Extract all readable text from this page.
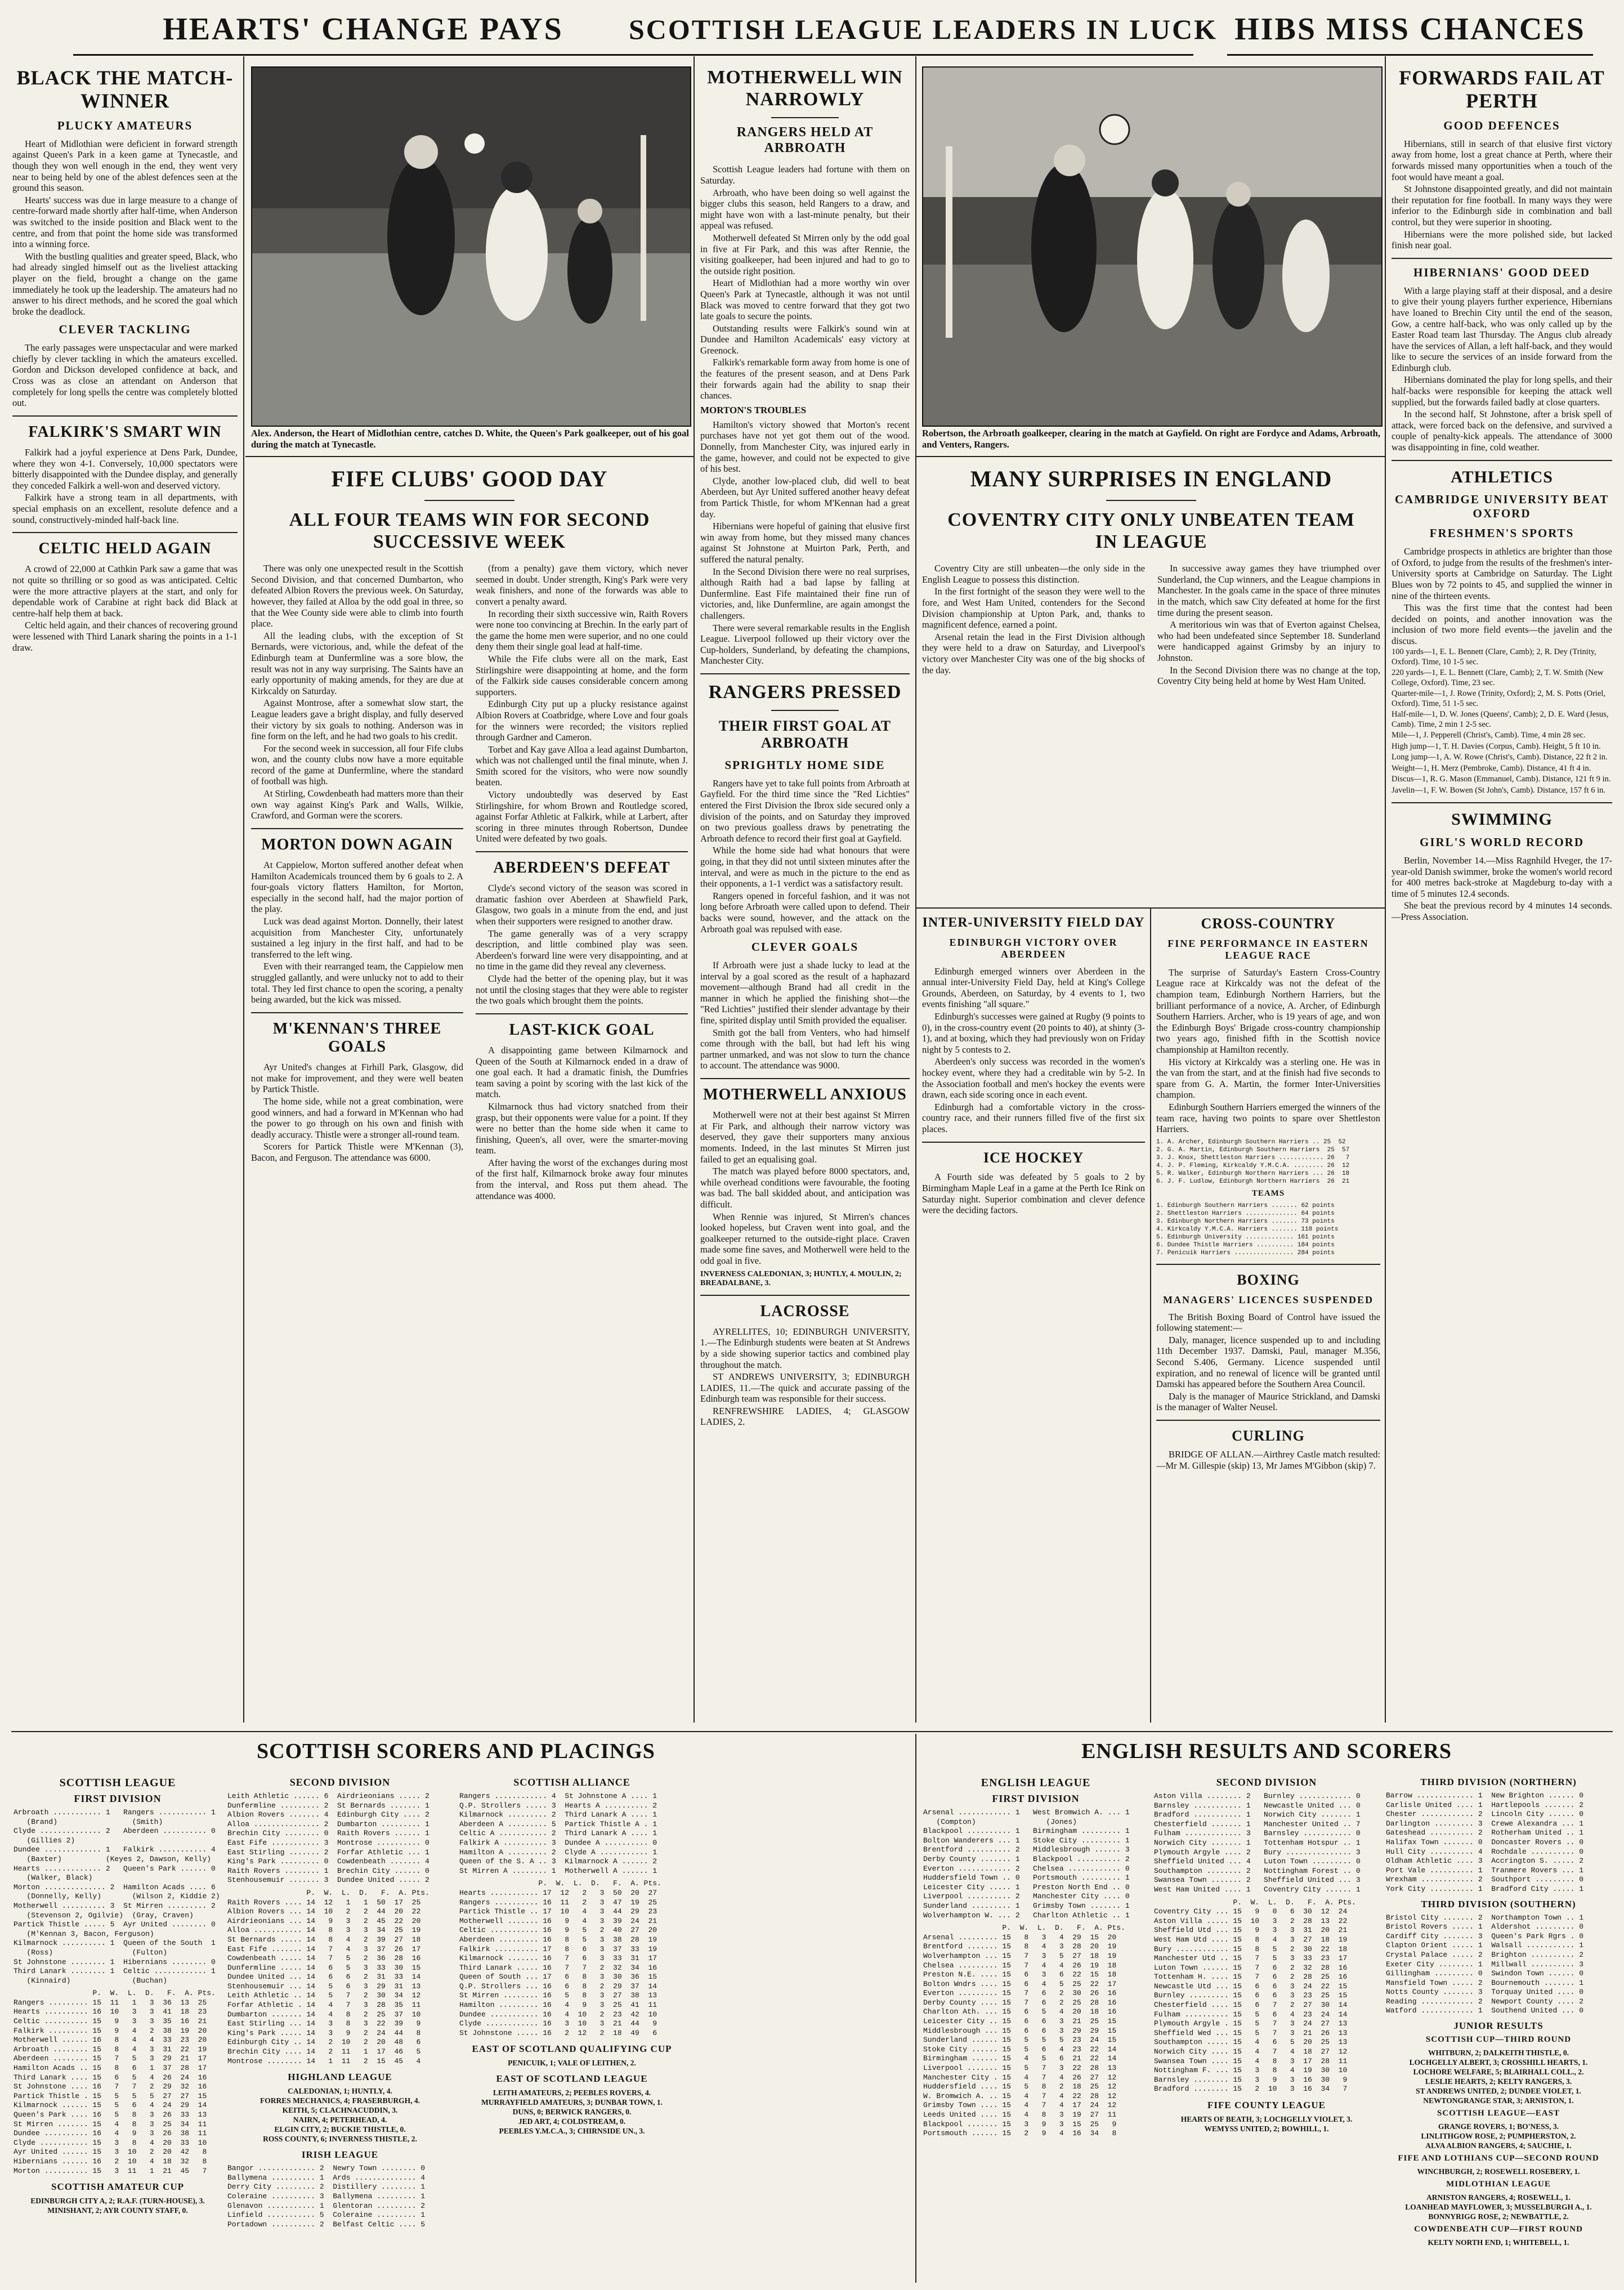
HEARTS' CHANGE PAYS SCOTTISH LEAGUE LEADERS IN LUCK HIBS MISS CHANCES
BLACK THE MATCH-WINNER
PLUCKY AMATEURS

Heart of Midlothian were deficient in forward strength against Queen's Park in a keen game at Tynecastle, and though they won well enough in the end, they went very near to being held by one of the ablest defences seen at the ground this season.

Hearts' success was due in large measure to a change of centre-forward made shortly after half-time, when Anderson was switched to the inside position and Black went to the centre, and from that point the home side was transformed into a winning force.

With the bustling qualities and greater speed, Black, who had already singled himself out as the liveliest attacking player on the field, brought a change on the game immediately he took up the leadership. The amateurs had no answer to his direct methods, and he scored the goal which broke the deadlock.

CLEVER TACKLING

The early passages were unspectacular and were marked chiefly by clever tackling in which the amateurs excelled. Gordon and Dickson developed confidence at back, and Cross was as close an attendant on Anderson that completely for long spells the centre was completely blotted out.

FALKIRK'S SMART WIN

Falkirk had a joyful experience at Dens Park, Dundee, where they won 4-1. Conversely, 10,000 spectators were bitterly disappointed with the Dundee display, and generally they conceded Falkirk a well-won and deserved victory.

Falkirk have a strong team in all departments, with special emphasis on an excellent, resolute defence and a sound, constructively-minded half-back line.

CELTIC HELD AGAIN

A crowd of 22,000 at Cathkin Park saw a game that was not quite so thrilling or so good as was anticipated. Celtic were the more attractive players at the start, and only for dependable work of Carabine at right back did Black at centre-half help them at back.

Celtic held again, and their chances of recovering ground were lessened with Third Lanark sharing the points in a 1-1 draw.

Alex. Anderson, the Heart of Midlothian centre, catches D. White, the Queen's Park goalkeeper, out of his goal during the match at Tynecastle.
FIFE CLUBS' GOOD DAY
ALL FOUR TEAMS WIN FOR SECOND SUCCESSIVE WEEK

There was only one unexpected result in the Scottish Second Division, and that concerned Dumbarton, who defeated Albion Rovers the previous week. On Saturday, however, they failed at Alloa by the odd goal in three, so that the Wee County side were able to climb into fourth place.

All the leading clubs, with the exception of St Bernards, were victorious, and, while the defeat of the Edinburgh team at Dunfermline was a sore blow, the result was not in any way surprising. The Saints have an early opportunity of making amends, for they are due at Kirkcaldy on Saturday.

Against Montrose, after a somewhat slow start, the League leaders gave a bright display, and fully deserved their victory by six goals to nothing. Anderson was in fine form on the left, and he had two goals to his credit.

For the second week in succession, all four Fife clubs won, and the county clubs now have a more equitable record of the game at Dunfermline, where the standard of football was high.

At Stirling, Cowdenbeath had matters more than their own way against King's Park and Walls, Wilkie, Crawford, and Gorman were the scorers.

MORTON DOWN AGAIN

At Cappielow, Morton suffered another defeat when Hamilton Academicals trounced them by 6 goals to 2. A four-goals victory flatters Hamilton, for Morton, especially in the second half, had the major portion of the play.

Luck was dead against Morton. Donnelly, their latest acquisition from Manchester City, unfortunately sustained a leg injury in the first half, and had to be transferred to the left wing.

Even with their rearranged team, the Cappielow men struggled gallantly, and were unlucky not to add to their total. They led first chance to open the scoring, a penalty being awarded, but the kick was missed.

M'KENNAN'S THREE GOALS

Ayr United's changes at Firhill Park, Glasgow, did not make for improvement, and they were well beaten by Partick Thistle.

The home side, while not a great combination, were good winners, and had a forward in M'Kennan who had the power to go through on his own and finish with deadly accuracy. Thistle were a stronger all-round team.

Scorers for Partick Thistle were M'Kennan (3), Bacon, and Ferguson. The attendance was 6000.

(from a penalty) gave them victory, which never seemed in doubt. Under strength, King's Park were very weak finishers, and none of the forwards was able to convert a penalty award.

In recording their sixth successive win, Raith Rovers were none too convincing at Brechin. In the early part of the game the home men were superior, and no one could deny them their single goal lead at half-time.

While the Fife clubs were all on the mark, East Stirlingshire were disappointing at home, and the form of the Falkirk side causes considerable concern among supporters.

Edinburgh City put up a plucky resistance against Albion Rovers at Coatbridge, where Love and four goals for the winners were recorded; the visitors replied through Gardner and Cameron.

Torbet and Kay gave Alloa a lead against Dumbarton, which was not challenged until the final minute, when J. Smith scored for the visitors, who were now soundly beaten.

Victory undoubtedly was deserved by East Stirlingshire, for whom Brown and Routledge scored, against Forfar Athletic at Falkirk, while at Larbert, after scoring in three minutes through Robertson, Dundee United were defeated by two goals.

ABERDEEN'S DEFEAT

Clyde's second victory of the season was scored in dramatic fashion over Aberdeen at Shawfield Park, Glasgow, two goals in a minute from the end, and just when their supporters were resigned to another draw.

The game generally was of a very scrappy description, and little combined play was seen. Aberdeen's forward line were very disappointing, and at no time in the game did they reveal any cleverness.

Clyde had the better of the opening play, but it was not until the closing stages that they were able to register the two goals which brought them the points.

LAST-KICK GOAL

A disappointing game between Kilmarnock and Queen of the South at Kilmarnock ended in a draw of one goal each. It had a dramatic finish, the Dumfries team saving a point by scoring with the last kick of the match.

Kilmarnock thus had victory snatched from their grasp, but their opponents were value for a point. If they were no better than the home side when it came to finishing, Queen's, all over, were the smarter-moving team.

After having the worst of the exchanges during most of the first half, Kilmarnock broke away four minutes from the interval, and Ross put them ahead. The attendance was 4000.

MOTHERWELL WIN NARROWLY
RANGERS HELD AT ARBROATH

Scottish League leaders had fortune with them on Saturday.

Arbroath, who have been doing so well against the bigger clubs this season, held Rangers to a draw, and might have won with a last-minute penalty, but their appeal was refused.

Motherwell defeated St Mirren only by the odd goal in five at Fir Park, and this was after Rennie, the visiting goalkeeper, had been injured and had to go to the outside right position.

Heart of Midlothian had a more worthy win over Queen's Park at Tynecastle, although it was not until Black was moved to centre forward that they got two late goals to secure the points.

Outstanding results were Falkirk's sound win at Dundee and Hamilton Academicals' easy victory at Greenock.

Falkirk's remarkable form away from home is one of the features of the present season, and at Dens Park their forwards again had the ability to snap their chances.

MORTON'S TROUBLES

Hamilton's victory showed that Morton's recent purchases have not yet got them out of the wood. Donnelly, from Manchester City, was injured early in the game, however, and could not be expected to give of his best.

Clyde, another low-placed club, did well to beat Aberdeen, but Ayr United suffered another heavy defeat from Partick Thistle, for whom M'Kennan had a great day.

Hibernians were hopeful of gaining that elusive first win away from home, but they missed many chances against St Johnstone at Muirton Park, Perth, and suffered the natural penalty.

In the Second Division there were no real surprises, although Raith had a bad lapse by falling at Dunfermline. East Fife maintained their fine run of victories, and, like Dunfermline, are again amongst the challengers.

There were several remarkable results in the English League. Liverpool followed up their victory over the Cup-holders, Sunderland, by defeating the champions, Manchester City.

RANGERS PRESSED
THEIR FIRST GOAL AT ARBROATH
SPRIGHTLY HOME SIDE

Rangers have yet to take full points from Arbroath at Gayfield. For the third time since the "Red Lichties" entered the First Division the Ibrox side secured only a division of the points, and on Saturday they improved on two previous goalless draws by penetrating the Arbroath defence to record their first goal at Gayfield.

While the home side had what honours that were going, in that they did not until sixteen minutes after the interval, and were as much in the picture to the end as their opponents, a 1-1 verdict was a satisfactory result.

Rangers opened in forceful fashion, and it was not long before Arbroath were called upon to defend. Their backs were sound, however, and the attack on the Arbroath goal was repulsed with ease.

CLEVER GOALS

If Arbroath were just a shade lucky to lead at the interval by a goal scored as the result of a haphazard movement—although Brand had all credit in the manner in which he applied the finishing shot—the "Red Lichties" justified their slender advantage by their fine, spirited display until Smith provided the equaliser.

Smith got the ball from Venters, who had himself come through with the ball, but had left his wing partner unmarked, and was not slow to turn the chance to account. The attendance was 9000.

MOTHERWELL ANXIOUS

Motherwell were not at their best against St Mirren at Fir Park, and although their narrow victory was deserved, they gave their supporters many anxious moments. Indeed, in the last minutes St Mirren just failed to get an equalising goal.

The match was played before 8000 spectators, and, while overhead conditions were favourable, the footing was bad. The ball skidded about, and anticipation was difficult.

When Rennie was injured, St Mirren's chances looked hopeless, but Craven went into goal, and the goalkeeper returned to the outside-right place. Craven made some fine saves, and Motherwell were held to the odd goal in five.

INVERNESS CALEDONIAN, 3; HUNTLY, 4. MOULIN, 2; BREADALBANE, 3.
LACROSSE

AYRELLITES, 10; EDINBURGH UNIVERSITY, 1.—The Edinburgh students were beaten at St Andrews by a side showing superior tactics and combined play throughout the match.

ST ANDREWS UNIVERSITY, 3; EDINBURGH LADIES, 11.—The quick and accurate passing of the Edinburgh team was responsible for their success.

RENFREWSHIRE LADIES, 4; GLASGOW LADIES, 2.

Robertson, the Arbroath goalkeeper, clearing in the match at Gayfield. On right are Fordyce and Adams, Arbroath, and Venters, Rangers.
MANY SURPRISES IN ENGLAND
COVENTRY CITY ONLY UNBEATEN TEAM IN LEAGUE

Coventry City are still unbeaten—the only side in the English League to possess this distinction.

In the first fortnight of the season they were well to the fore, and West Ham United, contenders for the Second Division championship at Upton Park, and, thanks to magnificent defence, earned a point.

Arsenal retain the lead in the First Division although they were held to a draw on Saturday, and Liverpool's victory over Manchester City was one of the big shocks of the day.

In successive away games they have triumphed over Sunderland, the Cup winners, and the League champions in Manchester. In the goals came in the space of three minutes in the match, which saw City defeated at home for the first time during the present season.

A meritorious win was that of Everton against Chelsea, who had been undefeated since September 18. Sunderland were handicapped against Grimsby by an injury to Johnston.

In the Second Division there was no change at the top, Coventry City being held at home by West Ham United.

INTER-UNIVERSITY FIELD DAY
EDINBURGH VICTORY OVER ABERDEEN

Edinburgh emerged winners over Aberdeen in the annual inter-University Field Day, held at King's College Grounds, Aberdeen, on Saturday, by 4 events to 1, two events finishing "all square."

Edinburgh's successes were gained at Rugby (9 points to 0), in the cross-country event (20 points to 40), at shinty (3-1), and at boxing, which they had previously won on Friday night by 5 contests to 2.

Aberdeen's only success was recorded in the women's hockey event, where they had a creditable win by 5-2. In the Association football and men's hockey the events were drawn, each side scoring once in each event.

Edinburgh had a comfortable victory in the cross-country race, and their runners filled five of the first six places.

ICE HOCKEY

A Fourth side was defeated by 5 goals to 2 by Birmingham Maple Leaf in a game at the Perth Ice Rink on Saturday night. Superior combination and clever defence were the deciding factors.

CROSS-COUNTRY
FINE PERFORMANCE IN EASTERN LEAGUE RACE

The surprise of Saturday's Eastern Cross-Country League race at Kirkcaldy was not the defeat of the champion team, Edinburgh Northern Harriers, but the brilliant performance of a novice, A. Archer, of Edinburgh Southern Harriers. Archer, who is 19 years of age, and won the Edinburgh Boys' Brigade cross-country championship two years ago, finished fifth in the Scottish novice championship at Hamilton recently.

His victory at Kirkcaldy was a sterling one. He was in the van from the start, and at the finish had five seconds to spare from G. A. Martin, the former Inter-Universities champion.

Edinburgh Southern Harriers emerged the winners of the team race, having two points to spare over Shettleston Harriers.

1. A. Archer, Edinburgh Southern Harriers .. 25  52
2. G. A. Martin, Edinburgh Southern Harriers  25  57
3. J. Knox, Shettleston Harriers ............ 26   7
4. J. P. Fleming, Kirkcaldy Y.M.C.A. ........ 26  12
5. R. Walker, Edinburgh Northern Harriers ... 26  18
6. J. F. Ludlow, Edinburgh Northern Harriers  26  21
TEAMS
1. Edinburgh Southern Harriers ....... 62 points
2. Shettleston Harriers .............. 64 points
3. Edinburgh Northern Harriers ....... 73 points
4. Kirkcaldy Y.M.C.A. Harriers ....... 118 points
5. Edinburgh University ............. 161 points
6. Dundee Thistle Harriers .......... 184 points
7. Penicuik Harriers ................ 284 points
BOXING
MANAGERS' LICENCES SUSPENDED

The British Boxing Board of Control have issued the following statement:—

Daly, manager, licence suspended up to and including 11th December 1937. Damski, Paul, manager M.356, Second S.406, Germany. Licence suspended until expiration, and no renewal of licence will be granted until Damski has appeared before the Southern Area Council.

Daly is the manager of Maurice Strickland, and Damski is the manager of Walter Neusel.

CURLING

BRIDGE OF ALLAN.—Airthrey Castle match resulted:—Mr M. Gillespie (skip) 13, Mr James M'Gibbon (skip) 7.

FORWARDS FAIL AT PERTH
GOOD DEFENCES

Hibernians, still in search of that elusive first victory away from home, lost a great chance at Perth, where their forwards missed many opportunities when a touch of the foot would have meant a goal.

St Johnstone disappointed greatly, and did not maintain their reputation for fine football. In many ways they were inferior to the Edinburgh side in combination and ball control, but they were superior in shooting.

Hibernians were the more polished side, but lacked finish near goal.

HIBERNIANS' GOOD DEED

With a large playing staff at their disposal, and a desire to give their young players further experience, Hibernians have loaned to Brechin City until the end of the season, Gow, a centre half-back, who was only called up by the Easter Road team last Thursday. The Angus club already have the services of Allan, a left half-back, and they would like to secure the services of an inside forward from the Edinburgh club.

Hibernians dominated the play for long spells, and their half-backs were responsible for keeping the attack well supplied, but the forwards failed badly at close quarters.

In the second half, St Johnstone, after a brisk spell of attack, were forced back on the defensive, and survived a couple of penalty-kick appeals. The attendance of 3000 was disappointing in fine, cold weather.

ATHLETICS
CAMBRIDGE UNIVERSITY BEAT OXFORD
FRESHMEN'S SPORTS

Cambridge prospects in athletics are brighter than those of Oxford, to judge from the results of the freshmen's inter-University sports at Cambridge on Saturday. The Light Blues won by 72 points to 45, and supplied the winner in nine of the thirteen events.

This was the first time that the contest had been decided on points, and another innovation was the inclusion of two more field events—the javelin and the discus.

100 yards—1, E. L. Bennett (Clare, Camb); 2, R. Dey (Trinity, Oxford). Time, 10 1-5 sec.
220 yards—1, E. L. Bennett (Clare, Camb); 2, T. W. Smith (New College, Oxford). Time, 23 sec.
Quarter-mile—1, J. Rowe (Trinity, Oxford); 2, M. S. Potts (Oriel, Oxford). Time, 51 1-5 sec.
Half-mile—1, D. W. Jones (Queens', Camb); 2, D. E. Ward (Jesus, Camb). Time, 2 min 1 2-5 sec.
Mile—1, J. Pepperell (Christ's, Camb). Time, 4 min 28 sec.
High jump—1, T. H. Davies (Corpus, Camb). Height, 5 ft 10 in.
Long jump—1, A. W. Rowe (Christ's, Camb). Distance, 22 ft 2 in.
Weight—1, H. Merz (Pembroke, Camb). Distance, 41 ft 4 in.
Discus—1, R. G. Mason (Emmanuel, Camb). Distance, 121 ft 9 in.
Javelin—1, F. W. Bowen (St John's, Camb). Distance, 157 ft 6 in.
SWIMMING
GIRL'S WORLD RECORD

Berlin, November 14.—Miss Ragnhild Hveger, the 17-year-old Danish swimmer, broke the women's world record for 400 metres back-stroke at Magdeburg to-day with a time of 5 minutes 12.4 seconds.

She beat the previous record by 4 minutes 14 seconds.—Press Association.

SCOTTISH SCORERS AND PLACINGS	ENGLISH RESULTS AND SCORERS
SCOTTISH LEAGUE
FIRST DIVISION
Arbroath ........... 1   Rangers ........... 1
(Brand)                 (Smith)
Clyde .............. 2   Aberdeen .......... 0
(Gillies 2)
Dundee ............. 1   Falkirk ........... 4
(Baxter)          (Keyes 2, Dawson, Kelly)
Hearts ............. 2   Queen's Park ...... 0
(Walker, Black)
Morton .............. 2  Hamilton Acads .... 6
(Donnelly, Kelly)       (Wilson 2, Kiddie 2)
Motherwell .......... 3  St Mirren ......... 2
(Stevenson 2, Ogilvie)  (Gray, Craven)
Partick Thistle ..... 5  Ayr United ........ 0
(M'Kennan 3, Bacon, Ferguson)
Kilmarnock .......... 1  Queen of the South  1
(Ross)                  (Fulton)
St Johnstone ........ 1  Hibernians ........ 0
Third Lanark ........ 1  Celtic ............ 1
(Kinnaird)              (Buchan)
P.  W.  L.  D.   F.  A. Pts.
Rangers ......... 15  11   1   3  36  13  25
Hearts .......... 16  10   3   3  41  18  23
Celtic .......... 15   9   3   3  35  16  21
Falkirk ......... 15   9   4   2  38  19  20
Motherwell ...... 16   8   4   4  33  23  20
Arbroath ........ 15   8   4   3  31  22  19
Aberdeen ........ 15   7   5   3  29  21  17
Hamilton Acads .. 15   8   6   1  37  28  17
Third Lanark .... 15   6   5   4  26  24  16
St Johnstone .... 16   7   7   2  29  32  16
Partick Thistle . 15   5   5   5  27  27  15
Kilmarnock ...... 15   5   6   4  24  29  14
Queen's Park .... 16   5   8   3  26  33  13
St Mirren ....... 15   4   8   3  25  34  11
Dundee .......... 16   4   9   3  26  38  11
Clyde ........... 15   3   8   4  20  33  10
Ayr United ...... 15   3  10   2  20  42   8
Hibernians ...... 16   2  10   4  18  32   8
Morton .......... 15   3  11   1  21  45   7
SCOTTISH AMATEUR CUP
EDINBURGH CITY A, 2; R.A.F. (TURN-HOUSE), 3.
MINISHANT, 2; AYR COUNTY STAFF, 0.
SECOND DIVISION
Leith Athletic ...... 6  Airdrieonians ..... 2
Dunfermline ......... 2  St Bernards ....... 1
Albion Rovers ....... 4  Edinburgh City .... 2
Alloa ............... 2  Dumbarton ......... 1
Brechin City ........ 0  Raith Rovers ...... 1
East Fife ........... 3  Montrose .......... 0
East Stirling ....... 2  Forfar Athletic ... 1
King's Park ......... 0  Cowdenbeath ....... 4
Raith Rovers ........ 1  Brechin City ...... 0
Stenhousemuir ....... 3  Dundee United ..... 2
P.  W.  L.  D.   F.  A. Pts.
Raith Rovers .... 14  12   1   1  50  17  25
Albion Rovers ... 14  10   2   2  44  20  22
Airdrieonians ... 14   9   3   2  45  22  20
Alloa ........... 14   8   3   3  34  25  19
St Bernards ..... 14   8   4   2  39  27  18
East Fife ....... 14   7   4   3  37  26  17
Cowdenbeath ..... 14   7   5   2  36  28  16
Dunfermline ..... 14   6   5   3  33  30  15
Dundee United ... 14   6   6   2  31  33  14
Stenhousemuir ... 14   5   6   3  29  31  13
Leith Athletic .. 14   5   7   2  30  34  12
Forfar Athletic . 14   4   7   3  28  35  11
Dumbarton ....... 14   4   8   2  25  37  10
East Stirling ... 14   3   8   3  22  39   9
King's Park ..... 14   3   9   2  24  44   8
Edinburgh City .. 14   2  10   2  20  48   6
Brechin City .... 14   2  11   1  17  46   5
Montrose ........ 14   1  11   2  15  45   4
HIGHLAND LEAGUE
CALEDONIAN, 1; HUNTLY, 4.
FORRES MECHANICS, 4; FRASERBURGH, 4.
KEITH, 5; CLACHNACUDDIN, 3.
NAIRN, 4; PETERHEAD, 4.
ELGIN CITY, 2; BUCKIE THISTLE, 0.
ROSS COUNTY, 6; INVERNESS THISTLE, 2.
IRISH LEAGUE
Bangor ............. 2  Newry Town ........ 0
Ballymena .......... 1  Ards .............. 4
Derry City ......... 2  Distillery ........ 1
Coleraine .......... 3  Ballymena ......... 1
Glenavon ........... 1  Glentoran ......... 2
Linfield ........... 5  Coleraine ......... 1
Portadown .......... 2  Belfast Celtic .... 5
SCOTTISH ALLIANCE
Rangers ............ 4  St Johnstone A .... 1
Q.P. Strollers ..... 3  Hearts A .......... 2
Kilmarnock ......... 2  Third Lanark A .... 1
Aberdeen A ......... 5  Partick Thistle A . 1
Celtic A ........... 2  Third Lanark A .... 1
Falkirk A .......... 3  Dundee A .......... 0
Hamilton A ......... 2  Clyde A ........... 1
Queen of the S. A .. 3  Kilmarnock A ...... 2
St Mirren A ........ 1  Motherwell A ...... 1
P.  W.  L.  D.   F.  A. Pts.
Hearts ........... 17  12   2   3  50  20  27
Rangers .......... 16  11   2   3  47  19  25
Partick Thistle .. 17  10   4   3  44  29  23
Motherwell ....... 16   9   4   3  39  24  21
Celtic ........... 16   9   5   2  40  27  20
Aberdeen ......... 16   8   5   3  38  28  19
Falkirk .......... 17   8   6   3  37  33  19
Kilmarnock ....... 16   7   6   3  33  31  17
Third Lanark ..... 16   7   7   2  32  34  16
Queen of South ... 17   6   8   3  30  36  15
Q.P. Strollers ... 16   6   8   2  29  37  14
St Mirren ........ 16   5   8   3  27  38  13
Hamilton ......... 16   4   9   3  25  41  11
Dundee ........... 16   4  10   2  23  42  10
Clyde ............ 16   3  10   3  21  44   9
St Johnstone ..... 16   2  12   2  18  49   6
EAST OF SCOTLAND QUALIFYING CUP
PENICUIK, 1; VALE OF LEITHEN, 2.
EAST OF SCOTLAND LEAGUE
LEITH AMATEURS, 2; PEEBLES ROVERS, 4.
MURRAYFIELD AMATEURS, 3; DUNBAR TOWN, 1.
DUNS, 0; BERWICK RANGERS, 0.
JED ART, 4; COLDSTREAM, 0.
PEEBLES Y.M.C.A., 3; CHIRNSIDE UN., 3.
ENGLISH LEAGUE
FIRST DIVISION
Arsenal ............ 1   West Bromwich A. ... 1
(Compton)                (Jones)
Blackpool .......... 1   Birmingham ......... 1
Bolton Wanderers ... 1   Stoke City ......... 1
Brentford .......... 2   Middlesbrough ...... 3
Derby County ....... 1   Blackpool .......... 2
Everton ............ 2   Chelsea ............ 0
Huddersfield Town .. 0   Portsmouth ......... 1
Leicester City ..... 1   Preston North End .. 0
Liverpool .......... 2   Manchester City .... 0
Sunderland ......... 1   Grimsby Town ....... 1
Wolverhampton W. ... 2   Charlton Athletic .. 1
P.  W.  L.  D.   F.  A. Pts.
Arsenal ......... 15   8   3   4  29  15  20
Brentford ....... 15   8   4   3  28  20  19
Wolverhampton ... 15   7   3   5  27  18  19
Chelsea ......... 15   7   4   4  26  19  18
Preston N.E. .... 15   6   3   6  22  15  18
Bolton Wndrs .... 15   6   4   5  25  22  17
Everton ......... 15   7   6   2  30  26  16
Derby County .... 15   7   6   2  25  28  16
Charlton Ath. ... 15   6   5   4  20  18  16
Leicester City .. 15   6   6   3  21  25  15
Middlesbrough ... 15   6   6   3  29  29  15
Sunderland ...... 15   5   5   5  23  24  15
Stoke City ...... 15   5   6   4  23  22  14
Birmingham ...... 15   4   5   6  21  22  14
Liverpool ....... 15   5   7   3  22  28  13
Manchester City . 15   4   7   4  26  27  12
Huddersfield .... 15   5   8   2  18  25  12
W. Bromwich A. .. 15   4   7   4  22  28  12
Grimsby Town .... 15   4   7   4  17  24  12
Leeds United .... 15   4   8   3  19  27  11
Blackpool ....... 15   3   9   3  15  25   9
Portsmouth ...... 15   2   9   4  16  34   8
SECOND DIVISION
Aston Villa ........ 2   Burnley ............ 0
Barnsley ........... 1   Newcastle United ... 0
Bradford ........... 1   Norwich City ....... 1
Chesterfield ....... 1   Manchester United .. 7
Fulham ............. 3   Barnsley ........... 0
Norwich City ....... 1   Tottenham Hotspur .. 1
Plymouth Argyle .... 2   Bury ............... 3
Sheffield United ... 4   Luton Town ......... 0
Southampton ........ 2   Nottingham Forest .. 0
Swansea Town ....... 2   Sheffield United ... 3
West Ham United .... 1   Coventry City ...... 1
P.  W.  L.  D.   F.  A. Pts.
Coventry City ... 15   9   0   6  30  12  24
Aston Villa ..... 15  10   3   2  28  13  22
Sheffield Utd ... 15   9   3   3  31  20  21
West Ham Utd .... 15   8   4   3  27  18  19
Bury ............ 15   8   5   2  30  22  18
Manchester Utd .. 15   7   5   3  33  23  17
Luton Town ...... 15   7   6   2  32  28  16
Tottenham H. .... 15   7   6   2  28  25  16
Newcastle Utd ... 15   6   6   3  24  22  15
Burnley ......... 15   6   6   3  23  25  15
Chesterfield .... 15   6   7   2  27  30  14
Fulham .......... 15   5   6   4  23  24  14
Plymouth Argyle . 15   5   7   3  24  27  13
Sheffield Wed ... 15   5   7   3  21  26  13
Southampton ..... 15   4   6   5  20  25  13
Norwich City .... 15   4   7   4  18  27  12
Swansea Town .... 15   4   8   3  17  28  11
Nottingham F. ... 15   3   8   4  19  30  10
Barnsley ........ 15   3   9   3  16  30   9
Bradford ........ 15   2  10   3  16  34   7
FIFE COUNTY LEAGUE
HEARTS OF BEATH, 3; LOCHGELLY VIOLET, 3.
WEMYSS UNITED, 2; BOWHILL, 1.
THIRD DIVISION (NORTHERN)
Barrow ............. 1  New Brighton ...... 0
Carlisle United .... 1  Hartlepools ....... 2
Chester ............ 2  Lincoln City ...... 0
Darlington ......... 3  Crewe Alexandra ... 1
Gateshead .......... 2  Rotherham United .. 1
Halifax Town ....... 0  Doncaster Rovers .. 0
Hull City .......... 4  Rochdale .......... 0
Oldham Athletic .... 3  Accrington S. ..... 2
Port Vale .......... 1  Tranmere Rovers ... 1
Wrexham ............ 2  Southport ......... 0
York City .......... 1  Bradford City ..... 1
THIRD DIVISION (SOUTHERN)
Bristol City ....... 2  Northampton Town .. 1
Bristol Rovers ..... 1  Aldershot ......... 0
Cardiff City ....... 3  Queen's Park Rgrs . 0
Clapton Orient ..... 1  Walsall ........... 1
Crystal Palace ..... 2  Brighton .......... 2
Exeter City ........ 1  Millwall .......... 3
Gillingham ......... 0  Swindon Town ...... 0
Mansfield Town ..... 2  Bournemouth ....... 1
Notts County ....... 3  Torquay United .... 0
Reading ............ 2  Newport County .... 2
Watford ............ 1  Southend United ... 0
JUNIOR RESULTS
SCOTTISH CUP—THIRD ROUND
WHITBURN, 2; DALKEITH THISTLE, 0.
LOCHGELLY ALBERT, 3; CROSSHILL HEARTS, 1.
LOCHORE WELFARE, 5; BLAIRHALL COLL., 2.
LESLIE HEARTS, 2; KELTY RANGERS, 3.
ST ANDREWS UNITED, 2; DUNDEE VIOLET, 1.
NEWTONGRANGE STAR, 3; ARNISTON, 1.
SCOTTISH LEAGUE—EAST
GRANGE ROVERS, 1; BO'NESS, 3.
LINLITHGOW ROSE, 2; PUMPHERSTON, 2.
ALVA ALBION RANGERS, 4; SAUCHIE, 1.
FIFE AND LOTHIANS CUP—SECOND ROUND
WINCHBURGH, 2; ROSEWELL ROSEBERY, 1.
MIDLOTHIAN LEAGUE
ARNISTON RANGERS, 4; ROSEWELL, 1.
LOANHEAD MAYFLOWER, 3; MUSSELBURGH A., 1.
BONNYRIGG ROSE, 2; NEWBATTLE, 2.
COWDENBEATH CUP—FIRST ROUND
KELTY NORTH END, 1; WHITEBELL, 1.
